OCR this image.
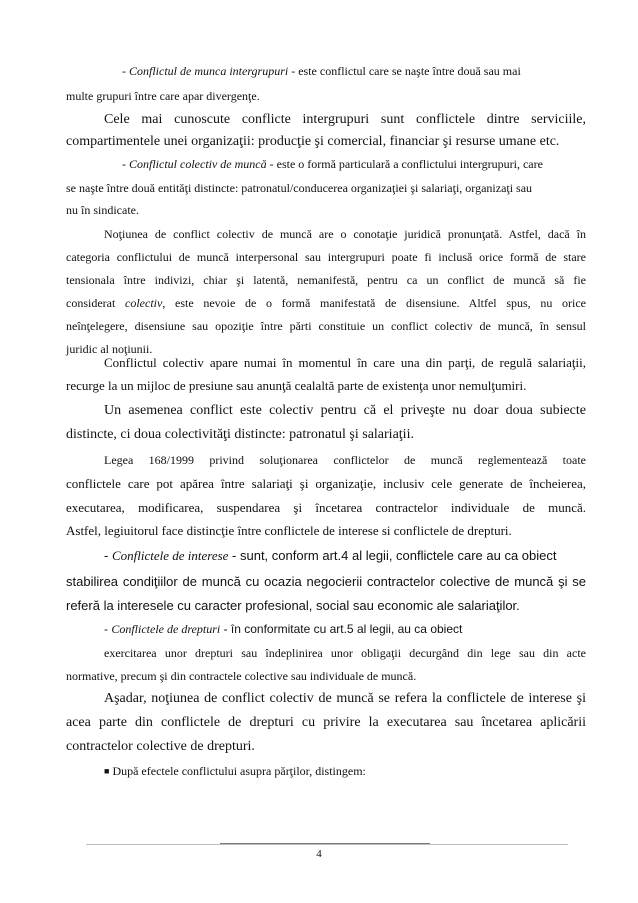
- Conflictul de munca intergrupuri - este conflictul care se naşte între două sau mai
multe grupuri între care apar divergenţe.
Cele mai cunoscute conflicte intergrupuri sunt conflictele dintre serviciile,
compartimentele unei organizaţii: producţie şi comercial, financiar şi resurse umane etc.
- Conflictul colectiv de muncă - este o formă particulară a conflictului intergrupuri, care
se naşte între două entităţi distincte: patronatul/conducerea organizaţiei şi salariaţi, organizaţi sau
nu în sindicate.
Noţiunea de conflict colectiv de muncă are o conotaţie juridică pronunţată. Astfel, dacă în
categoria conflictului de muncă interpersonal sau intergrupuri poate fi inclusă orice formă de stare
tensionala între indivizi, chiar şi latentă, nemanifestă, pentru ca un conflict de muncă să fie
considerat colectiv, este nevoie de o formă manifestată de disensiune. Altfel spus, nu orice
neînţelegere, disensiune sau opoziţie între părti constituie un conflict colectiv de muncă, în sensul
juridic al noţiunii.
Conflictul colectiv apare numai în momentul în care una din parţi, de regulă salariaţii,
recurge la un mijloc de presiune sau anunţă cealaltă parte de existenţa unor nemulţumiri.
Un asemenea conflict este colectiv pentru că el priveşte nu doar doua subiecte
distincte, ci doua colectivităţi distincte: patronatul şi salariaţii.
Legea 168/1999 privind soluţionarea conflictelor de muncă reglementează toate
conflictele care pot apărea între salariaţi şi organizaţie, inclusiv cele generate de încheierea,
executarea, modificarea, suspendarea şi încetarea contractelor individuale de muncă.
Astfel, legiuitorul face distincţie între conflictele de interese si conflictele de drepturi.
- Conflictele de interese - sunt, conform art.4 al legii, conflictele care au ca obiect
stabilirea condiţiilor de muncă cu ocazia negocierii contractelor colective de muncă şi se
referă la interesele cu caracter profesional, social sau economic ale salariaţilor.
- Conflictele de drepturi - în conformitate cu art.5 al legii, au ca obiect
exercitarea unor drepturi sau îndeplinirea unor obligaţii decurgând din lege sau din acte
normative, precum şi din contractele colective sau individuale de muncă.
Aşadar, noţiunea de conflict colectiv de muncă se refera la conflictele de interese şi
acea parte din conflictele de drepturi cu privire la executarea sau încetarea aplicării
contractelor colective de drepturi.
■ După efectele conflictului asupra părţilor, distingem:
4
